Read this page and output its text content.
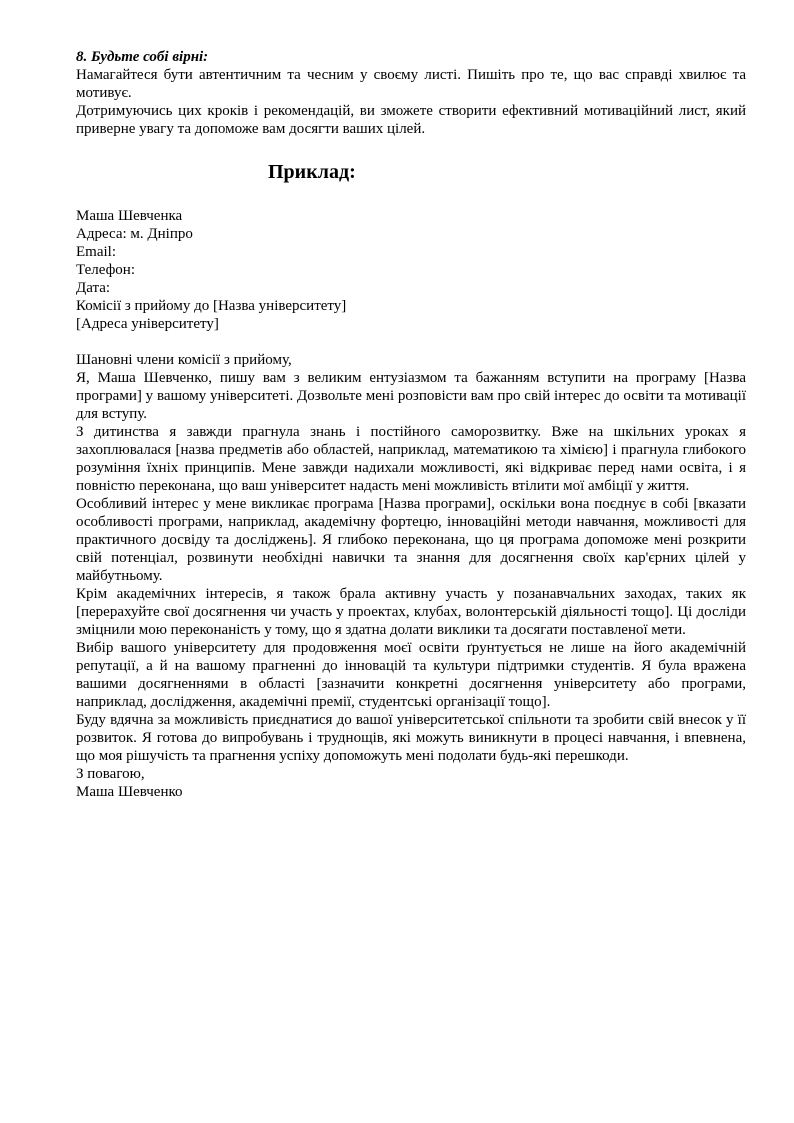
8. Будьте собі вірні:

Намагайтеся бути автентичним та чесним у своєму листі. Пишіть про те, що вас справді хвилює та мотивує.

Дотримуючись цих кроків і рекомендацій, ви зможете створити ефективний мотиваційний лист, який приверне увагу та допоможе вам досягти ваших цілей.

Приклад:

Маша Шевченка

Адреса: м. Дніпро

Email:

Телефон:

Дата:

Комісії з прийому до [Назва університету]

[Адреса університету]

Шановні члени комісії з прийому,

Я, Маша Шевченко, пишу вам з великим ентузіазмом та бажанням вступити на програму [Назва програми] у вашому університеті. Дозвольте мені розповісти вам про свій інтерес до освіти та мотивації для вступу.

З дитинства я завжди прагнула знань і постійного саморозвитку. Вже на шкільних уроках я захоплювалася [назва предметів або областей, наприклад, математикою та хімією] і прагнула глибокого розуміння їхніх принципів. Мене завжди надихали можливості, які відкриває перед нами освіта, і я повністю переконана, що ваш університет надасть мені можливість втілити мої амбіції у життя.

Особливий інтерес у мене викликає програма [Назва програми], оскільки вона поєднує в собі [вказати особливості програми, наприклад, академічну фортецю, інноваційні методи навчання, можливості для практичного досвіду та досліджень]. Я глибоко переконана, що ця програма допоможе мені розкрити свій потенціал, розвинути необхідні навички та знання для досягнення своїх кар'єрних цілей у майбутньому.

Крім академічних інтересів, я також брала активну участь у позанавчальних заходах, таких як [перерахуйте свої досягнення чи участь у проектах, клубах, волонтерській діяльності тощо]. Ці досліди зміцнили мою переконаність у тому, що я здатна долати виклики та досягати поставленої мети.

Вибір вашого університету для продовження моєї освіти ґрунтується не лише на його академічній репутації, а й на вашому прагненні до інновацій та культури підтримки студентів. Я була вражена вашими досягненнями в області [зазначити конкретні досягнення університету або програми, наприклад, дослідження, академічні премії, студентські організації тощо].

Буду вдячна за можливість приєднатися до вашої університетської спільноти та зробити свій внесок у її розвиток. Я готова до випробувань і труднощів, які можуть виникнути в процесі навчання, і впевнена, що моя рішучість та прагнення успіху допоможуть мені подолати будь-які перешкоди.

З повагою,

Маша Шевченко
